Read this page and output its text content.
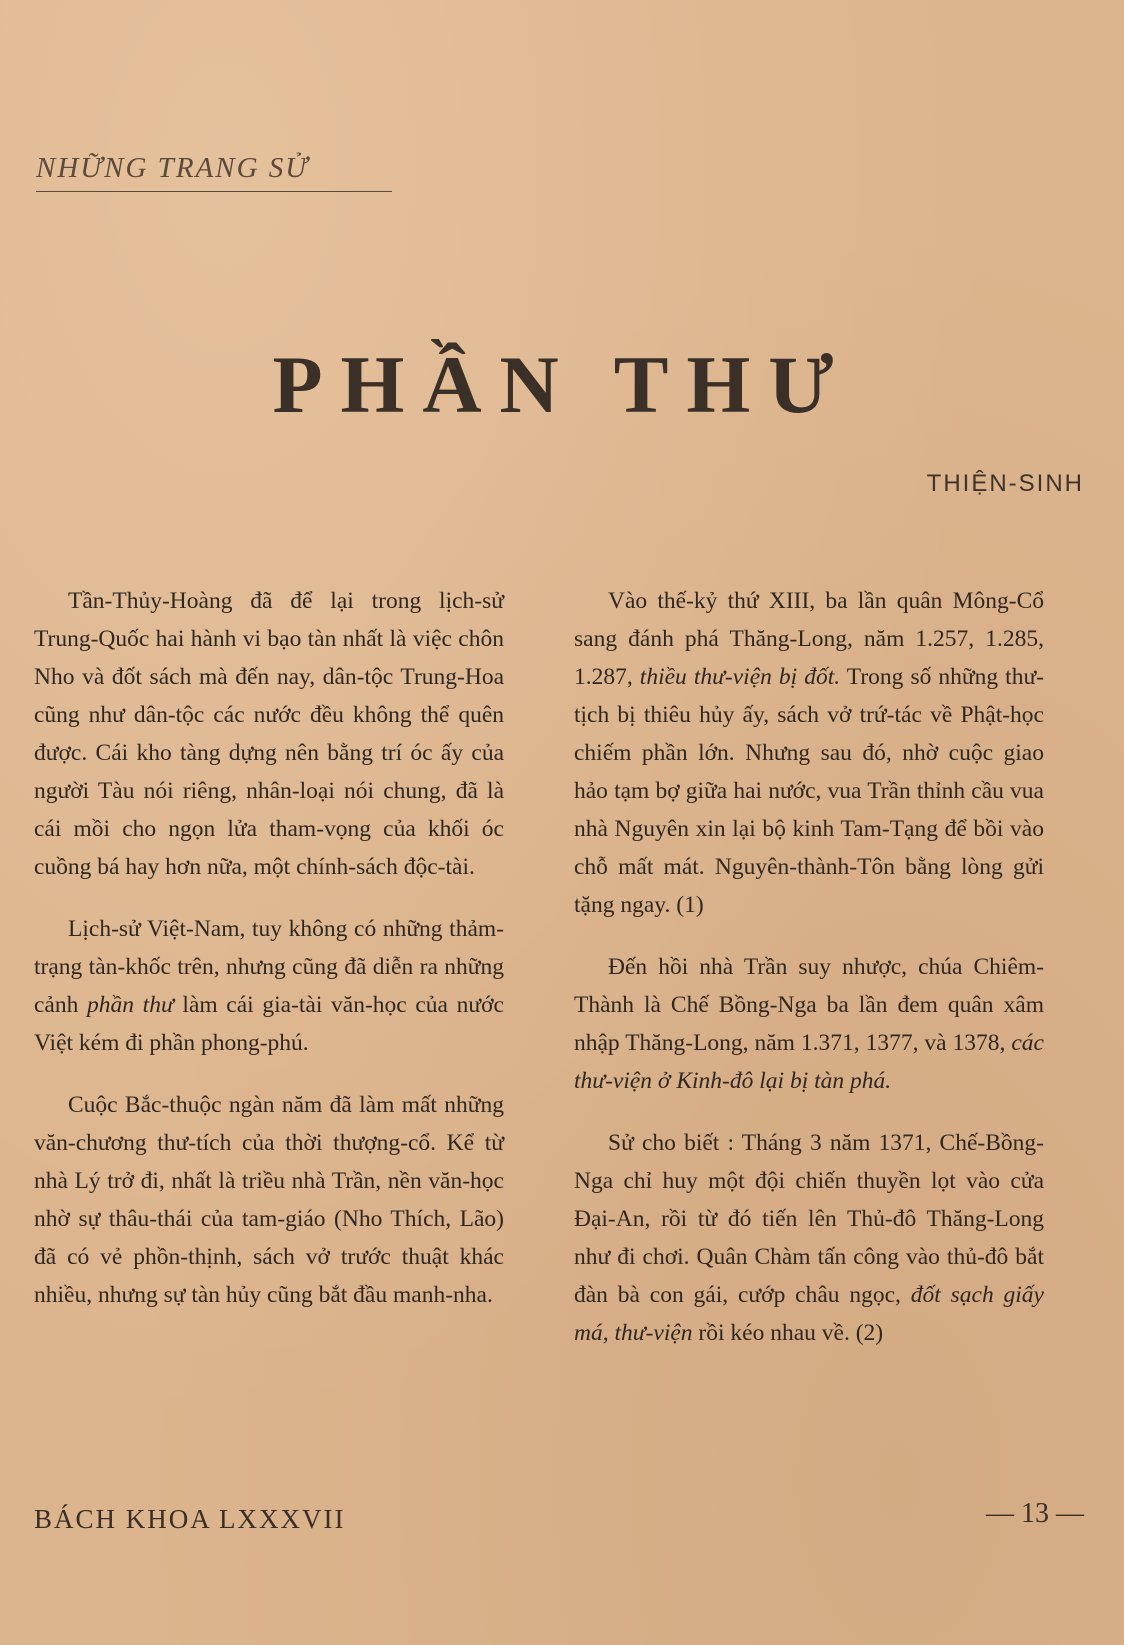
NHỮNG TRANG SỬ
PHẦN THƯ
THIỆN-SINH

Tần-Thủy-Hoàng đã để lại trong lịch-sử Trung-Quốc hai hành vi bạo tàn nhất là việc chôn Nho và đốt sách mà đến nay, dân-tộc Trung-Hoa cũng như dân-tộc các nước đều không thể quên được. Cái kho tàng dựng nên bằng trí óc ấy của người Tàu nói riêng, nhân-loại nói chung, đã là cái mồi cho ngọn lửa tham-vọng của khối óc cuồng bá hay hơn nữa, một chính-sách độc-tài.

Lịch-sử Việt-Nam, tuy không có những thảm-trạng tàn-khốc trên, nhưng cũng đã diễn ra những cảnh phần thư làm cái gia-tài văn-học của nước Việt kém đi phần phong-phú.

Cuộc Bắc-thuộc ngàn năm đã làm mất những văn-chương thư-tích của thời thượng-cổ. Kể từ nhà Lý trở đi, nhất là triều nhà Trần, nền văn-học nhờ sự thâu-thái của tam-giáo (Nho Thích, Lão) đã có vẻ phồn-thịnh, sách vở trước thuật khác nhiều, nhưng sự tàn hủy cũng bắt đầu manh-nha.

Vào thế-kỷ thứ XIII, ba lần quân Mông-Cổ sang đánh phá Thăng-Long, năm 1.257, 1.285, 1.287, thiều thư-viện bị đốt. Trong số những thư-tịch bị thiêu hủy ấy, sách vở trứ-tác về Phật-học chiếm phần lớn. Nhưng sau đó, nhờ cuộc giao hảo tạm bợ giữa hai nước, vua Trần thỉnh cầu vua nhà Nguyên xin lại bộ kinh Tam-Tạng để bồi vào chỗ mất mát. Nguyên-thành-Tôn bằng lòng gửi tặng ngay. (1)

Đến hồi nhà Trần suy nhược, chúa Chiêm-Thành là Chế Bồng-Nga ba lần đem quân xâm nhập Thăng-Long, năm 1.371, 1377, và 1378, các thư-viện ở Kinh-đô lại bị tàn phá.

Sử cho biết : Tháng 3 năm 1371, Chế-Bồng-Nga chỉ huy một đội chiến thuyền lọt vào cửa Đại-An, rồi từ đó tiến lên Thủ-đô Thăng-Long như đi chơi. Quân Chàm tấn công vào thủ-đô bắt đàn bà con gái, cướp châu ngọc, đốt sạch giấy má, thư-viện rồi kéo nhau về. (2)

BÁCH KHOA LXXXVII	— 13 —
